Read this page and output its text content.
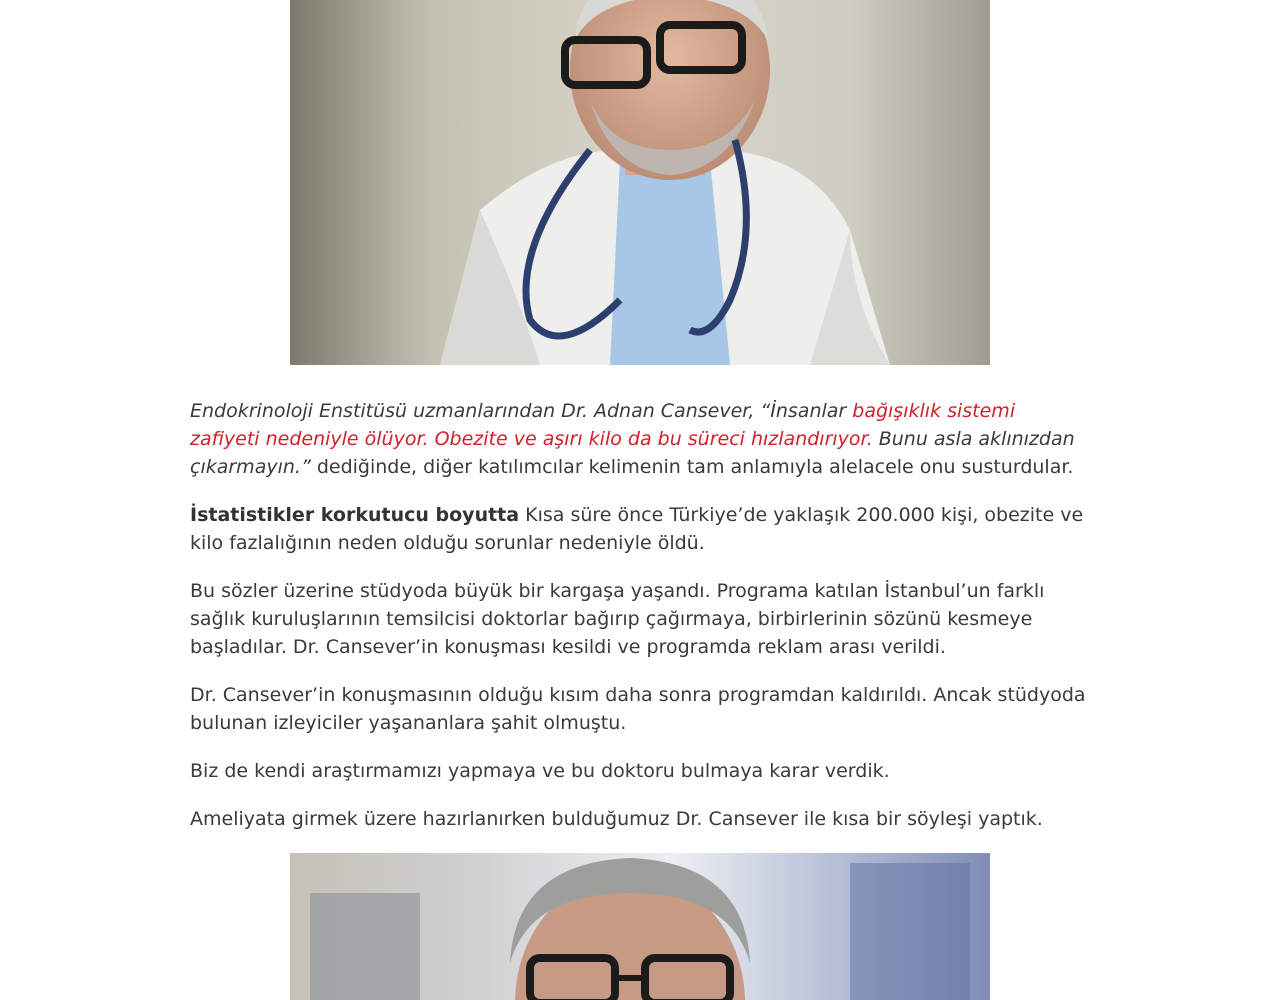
Endokrinoloji Enstitüsü uzmanlarından Dr. Adnan Cansever, “İnsanlar bağışıklık sistemi zafiyeti nedeniyle ölüyor. Obezite ve aşırı kilo da bu süreci hızlandırıyor. Bunu asla aklınızdan çıkarmayın.” dediğinde, diğer katılımcılar kelimenin tam anlamıyla alelacele onu susturdular.

İstatistikler korkutucu boyutta Kısa süre önce Türkiye’de yaklaşık 200.000 kişi, obezite ve kilo fazlalığının neden olduğu sorunlar nedeniyle öldü.

Bu sözler üzerine stüdyoda büyük bir kargaşa yaşandı. Programa katılan İstanbul’un farklı sağlık kuruluşlarının temsilcisi doktorlar bağırıp çağırmaya, birbirlerinin sözünü kesmeye başladılar. Dr. Cansever’in konuşması kesildi ve programda reklam arası verildi.

Dr. Cansever’in konuşmasının olduğu kısım daha sonra programdan kaldırıldı. Ancak stüdyoda bulunan izleyiciler yaşananlara şahit olmuştu.

Biz de kendi araştırmamızı yapmaya ve bu doktoru bulmaya karar verdik.

Ameliyata girmek üzere hazırlanırken bulduğumuz Dr. Cansever ile kısa bir söyleşi yaptık.
